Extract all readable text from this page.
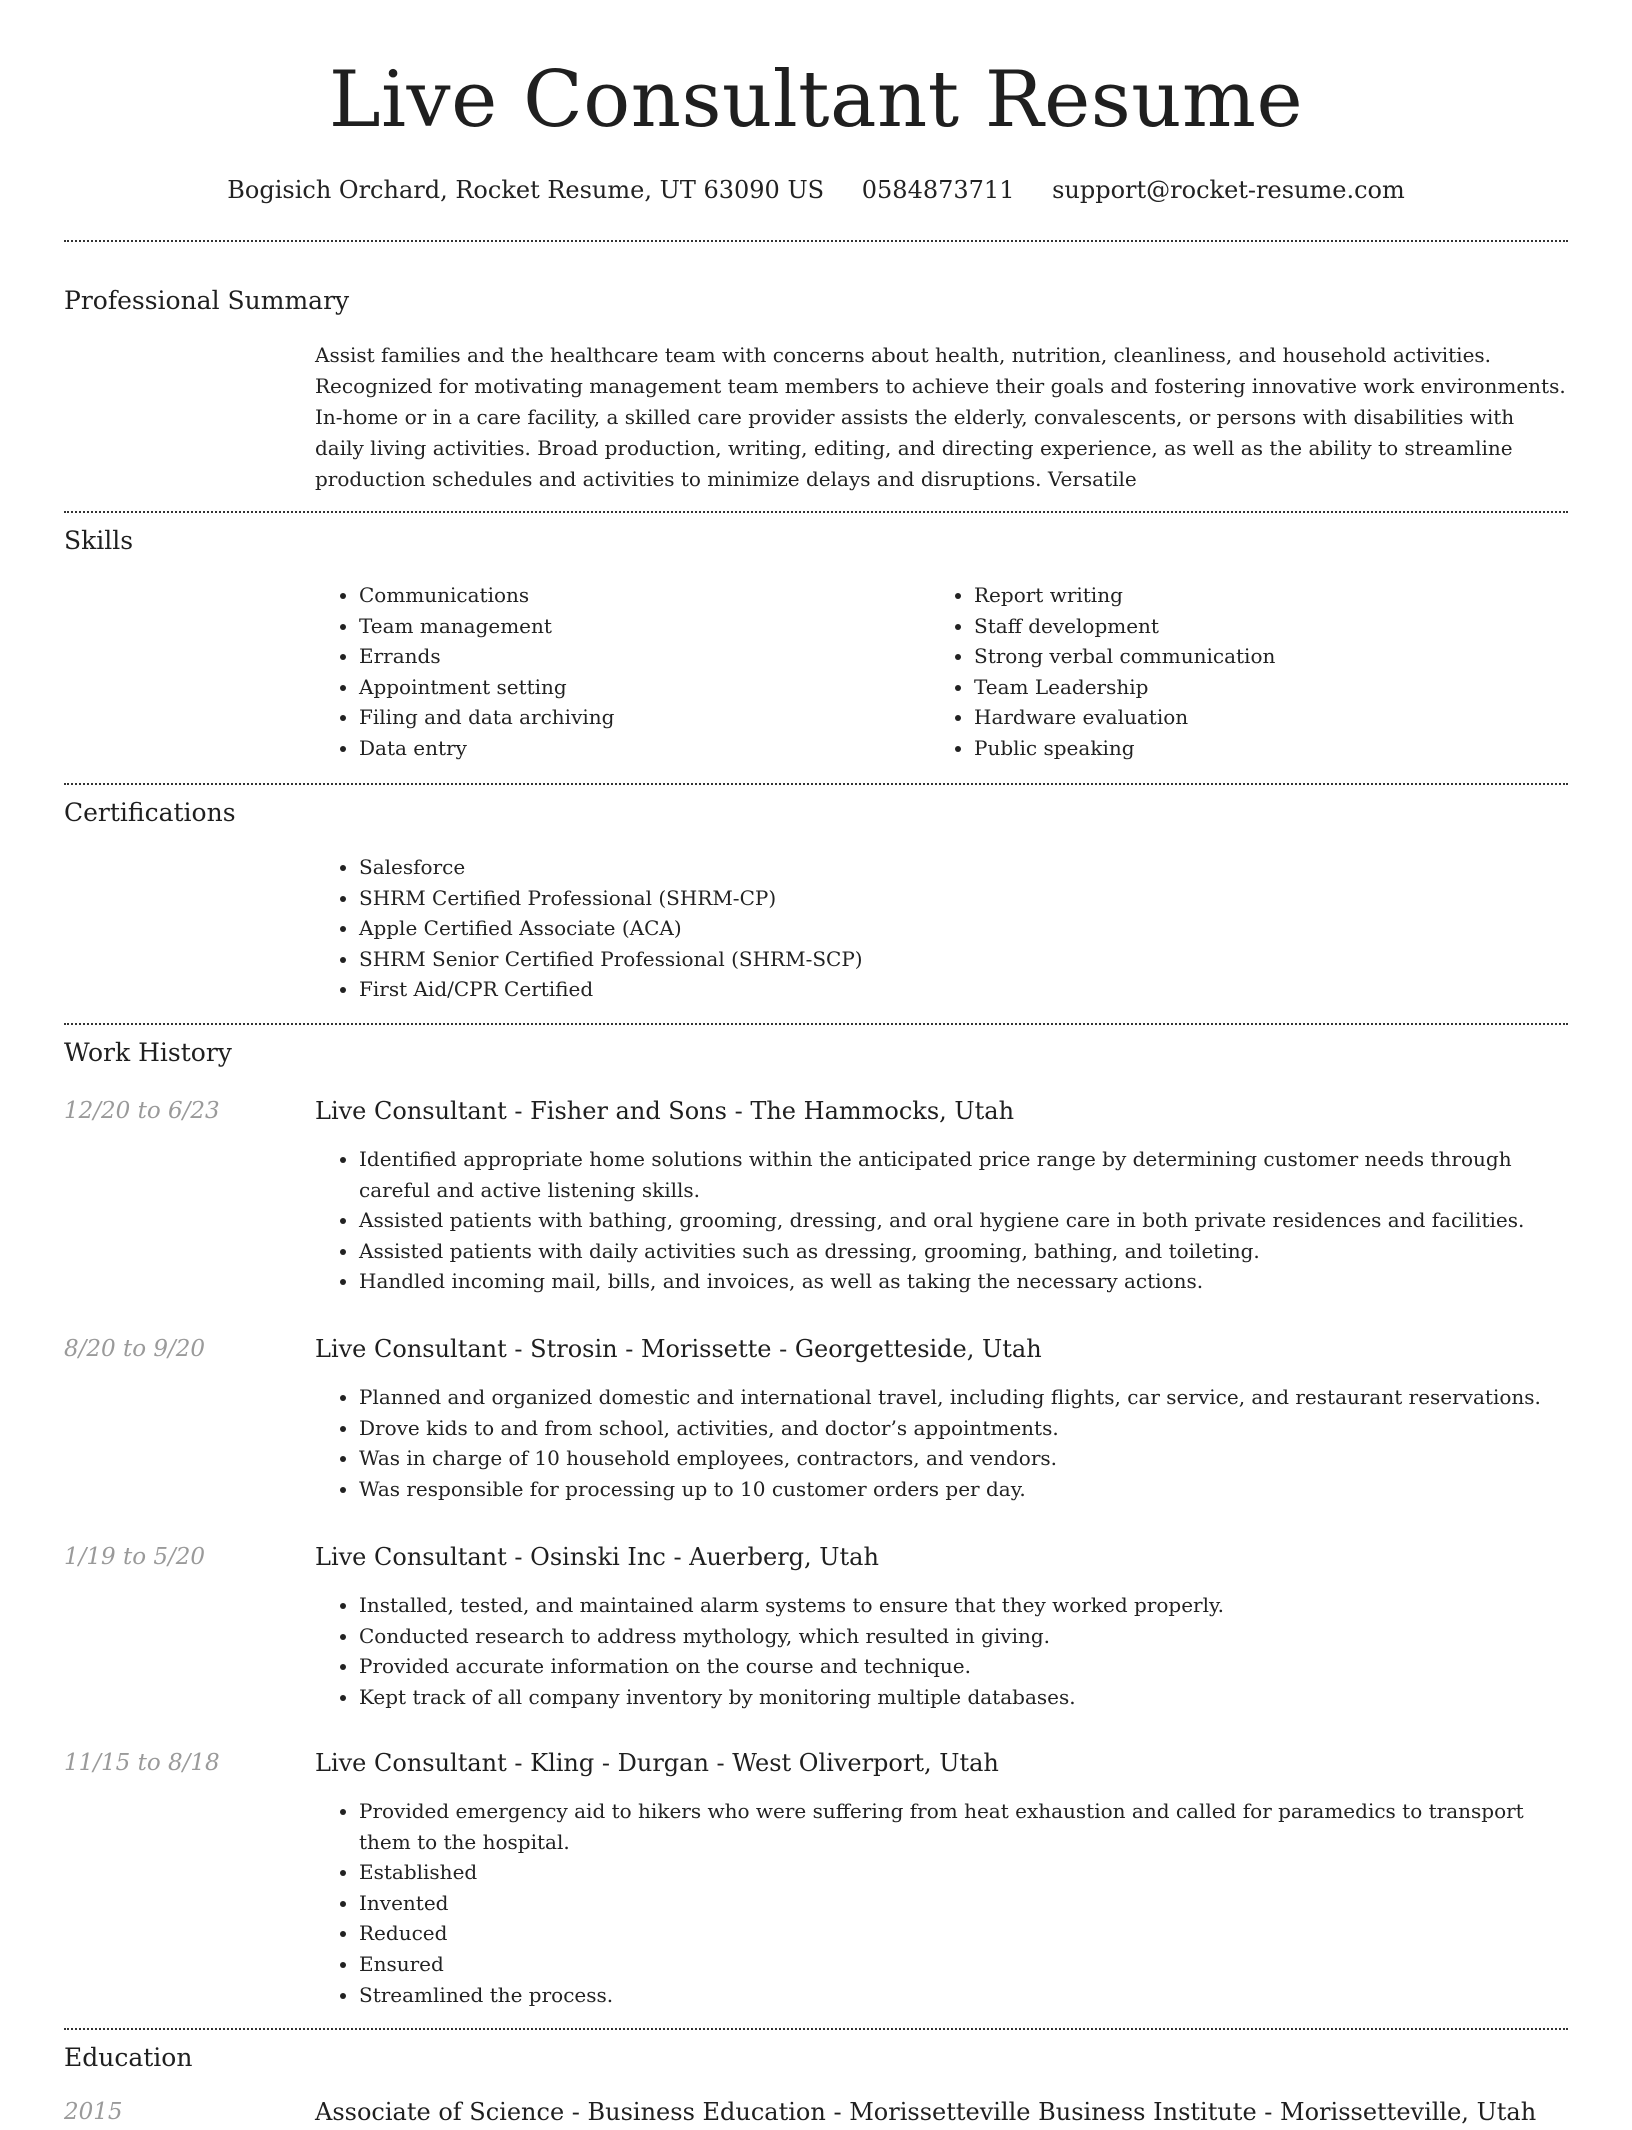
Live Consultant Resume
Bogisich Orchard, Rocket Resume, UT 63090 US 0584873711 support@rocket-resume.com
Professional Summary

Assist families and the healthcare team with concerns about health, nutrition, cleanliness, and household activities. Recognized for motivating management team members to achieve their goals and fostering innovative work environments. In-home or in a care facility, a skilled care provider assists the elderly, convalescents, or persons with disabilities with daily living activities. Broad production, writing, editing, and directing experience, as well as the ability to streamline production schedules and activities to minimize delays and disruptions. Versatile

Skills
• Communications
• Team management
• Errands
• Appointment setting
• Filing and data archiving
• Data entry
• Report writing
• Staff development
• Strong verbal communication
• Team Leadership
• Hardware evaluation
• Public speaking
Certifications
• Salesforce
• SHRM Certified Professional (SHRM-CP)
• Apple Certified Associate (ACA)
• SHRM Senior Certified Professional (SHRM-SCP)
• First Aid/CPR Certified
Work History
12/20 to 6/23	Live Consultant - Fisher and Sons - The Hammocks, Utah
• Identified appropriate home solutions within the anticipated price range by determining customer needs through careful and active listening skills.
• Assisted patients with bathing, grooming, dressing, and oral hygiene care in both private residences and facilities.
• Assisted patients with daily activities such as dressing, grooming, bathing, and toileting.
• Handled incoming mail, bills, and invoices, as well as taking the necessary actions.
8/20 to 9/20	Live Consultant - Strosin - Morissette - Georgetteside, Utah
• Planned and organized domestic and international travel, including flights, car service, and restaurant reservations.
• Drove kids to and from school, activities, and doctor’s appointments.
• Was in charge of 10 household employees, contractors, and vendors.
• Was responsible for processing up to 10 customer orders per day.
1/19 to 5/20	Live Consultant - Osinski Inc - Auerberg, Utah
• Installed, tested, and maintained alarm systems to ensure that they worked properly.
• Conducted research to address mythology, which resulted in giving.
• Provided accurate information on the course and technique.
• Kept track of all company inventory by monitoring multiple databases.
11/15 to 8/18	Live Consultant - Kling - Durgan - West Oliverport, Utah
• Provided emergency aid to hikers who were suffering from heat exhaustion and called for paramedics to transport them to the hospital.
• Established
• Invented
• Reduced
• Ensured
• Streamlined the process.
Education
2015	Associate of Science - Business Education - Morissetteville Business Institute - Morissetteville, Utah
